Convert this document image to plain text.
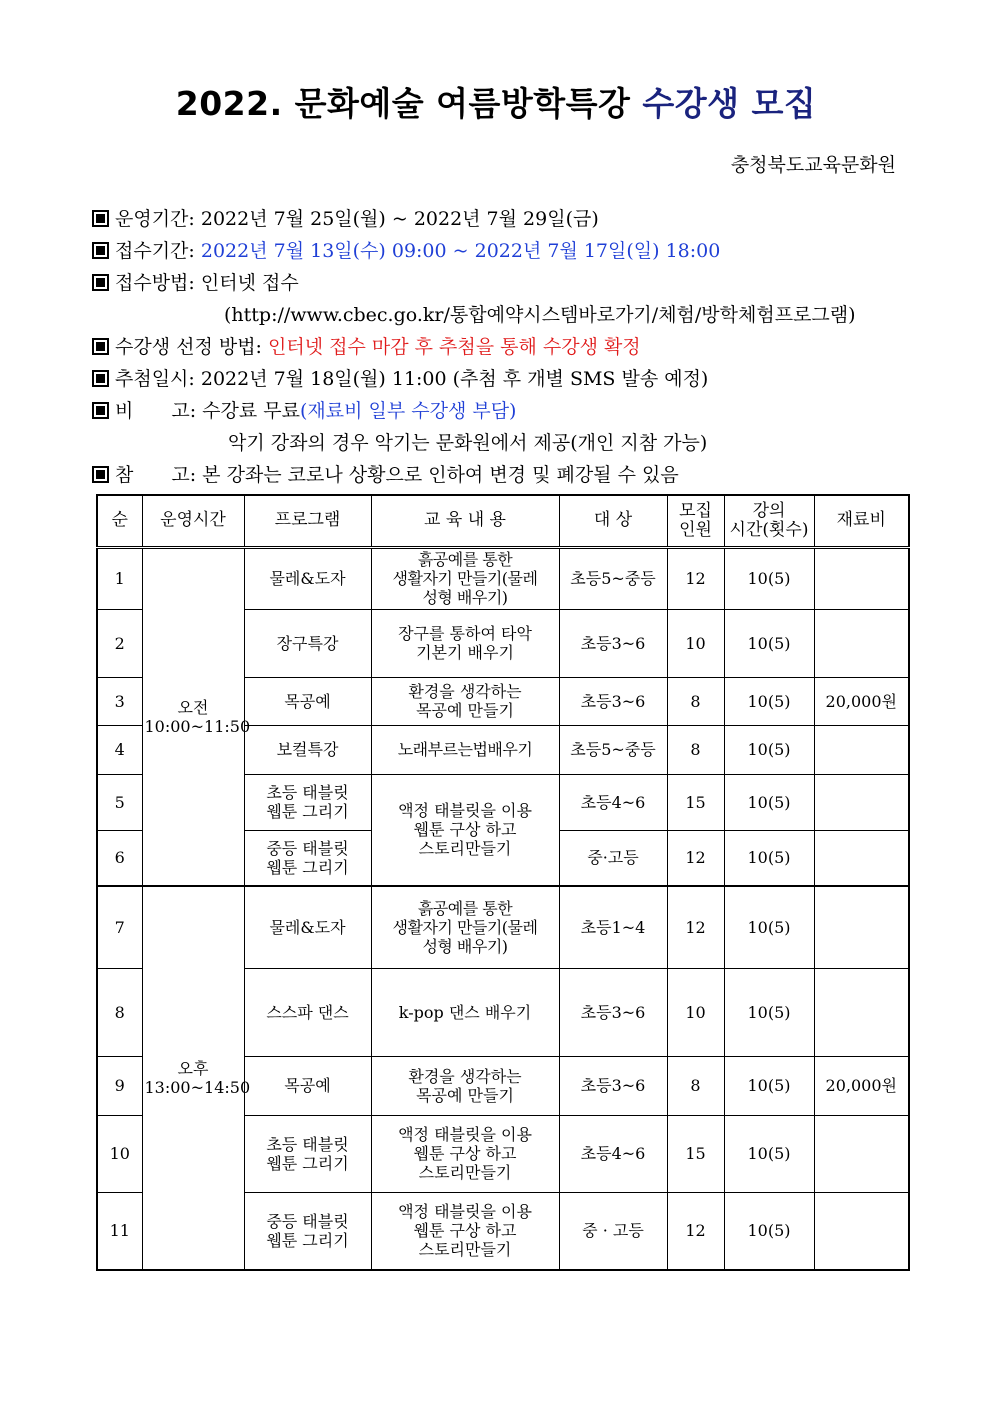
2022. 문화예술 여름방학특강 수강생 모집
충청북도교육문화원
운영기간: 2022년 7월 25일(월) ~ 2022년 7월 29일(금)
접수기간: 2022년 7월 13일(수) 09:00 ~ 2022년 7월 17일(일) 18:00
접수방법: 인터넷 접수
(http://www.cbec.go.kr/통합예약시스템바로가기/체험/방학체험프로그램)
수강생 선정 방법: 인터넷 접수 마감 후 추첨을 통해 수강생 확정
추첨일시: 2022년 7월 18일(월) 11:00 (추첨 후 개별 SMS 발송 예정)
비　　고: 수강료 무료(재료비 일부 수강생 부담)
악기 강좌의 경우 악기는 문화원에서 제공(개인 지참 가능)
참　　고: 본 강좌는 코로나 상황으로 인하여 변경 및 폐강될 수 있음
순	운영시간	프로그램	교 육 내 용	대 상	모집
인원	강의
시간(횟수)	재료비
1	오전
10:00~11:50	물레&도자	흙공예를 통한
생활자기 만들기(물레
성형 배우기)	초등5~중등	12	10(5)	
2		장구특강	장구를 통하여 타악
기본기 배우기	초등3~6	10	10(5)	
3		목공예	환경을 생각하는
목공예 만들기	초등3~6	8	10(5)	20,000원
4		보컬특강	노래부르는법배우기	초등5~중등	8	10(5)	
5		초등 태블릿
웹툰 그리기	액정 태블릿을 이용
웹툰 구상 하고
스토리만들기	초등4~6	15	10(5)	
6		중등 태블릿
웹툰 그리기		중·고등	12	10(5)	
7	오후
13:00~14:50	물레&도자	흙공예를 통한
생활자기 만들기(물레
성형 배우기)	초등1~4	12	10(5)	
8		스스파 댄스	k-pop 댄스 배우기	초등3~6	10	10(5)	
9		목공예	환경을 생각하는
목공예 만들기	초등3~6	8	10(5)	20,000원
10		초등 태블릿
웹툰 그리기	액정 태블릿을 이용
웹툰 구상 하고
스토리만들기	초등4~6	15	10(5)	
11		중등 태블릿
웹툰 그리기	액정 태블릿을 이용
웹툰 구상 하고
스토리만들기	중 · 고등	12	10(5)	
